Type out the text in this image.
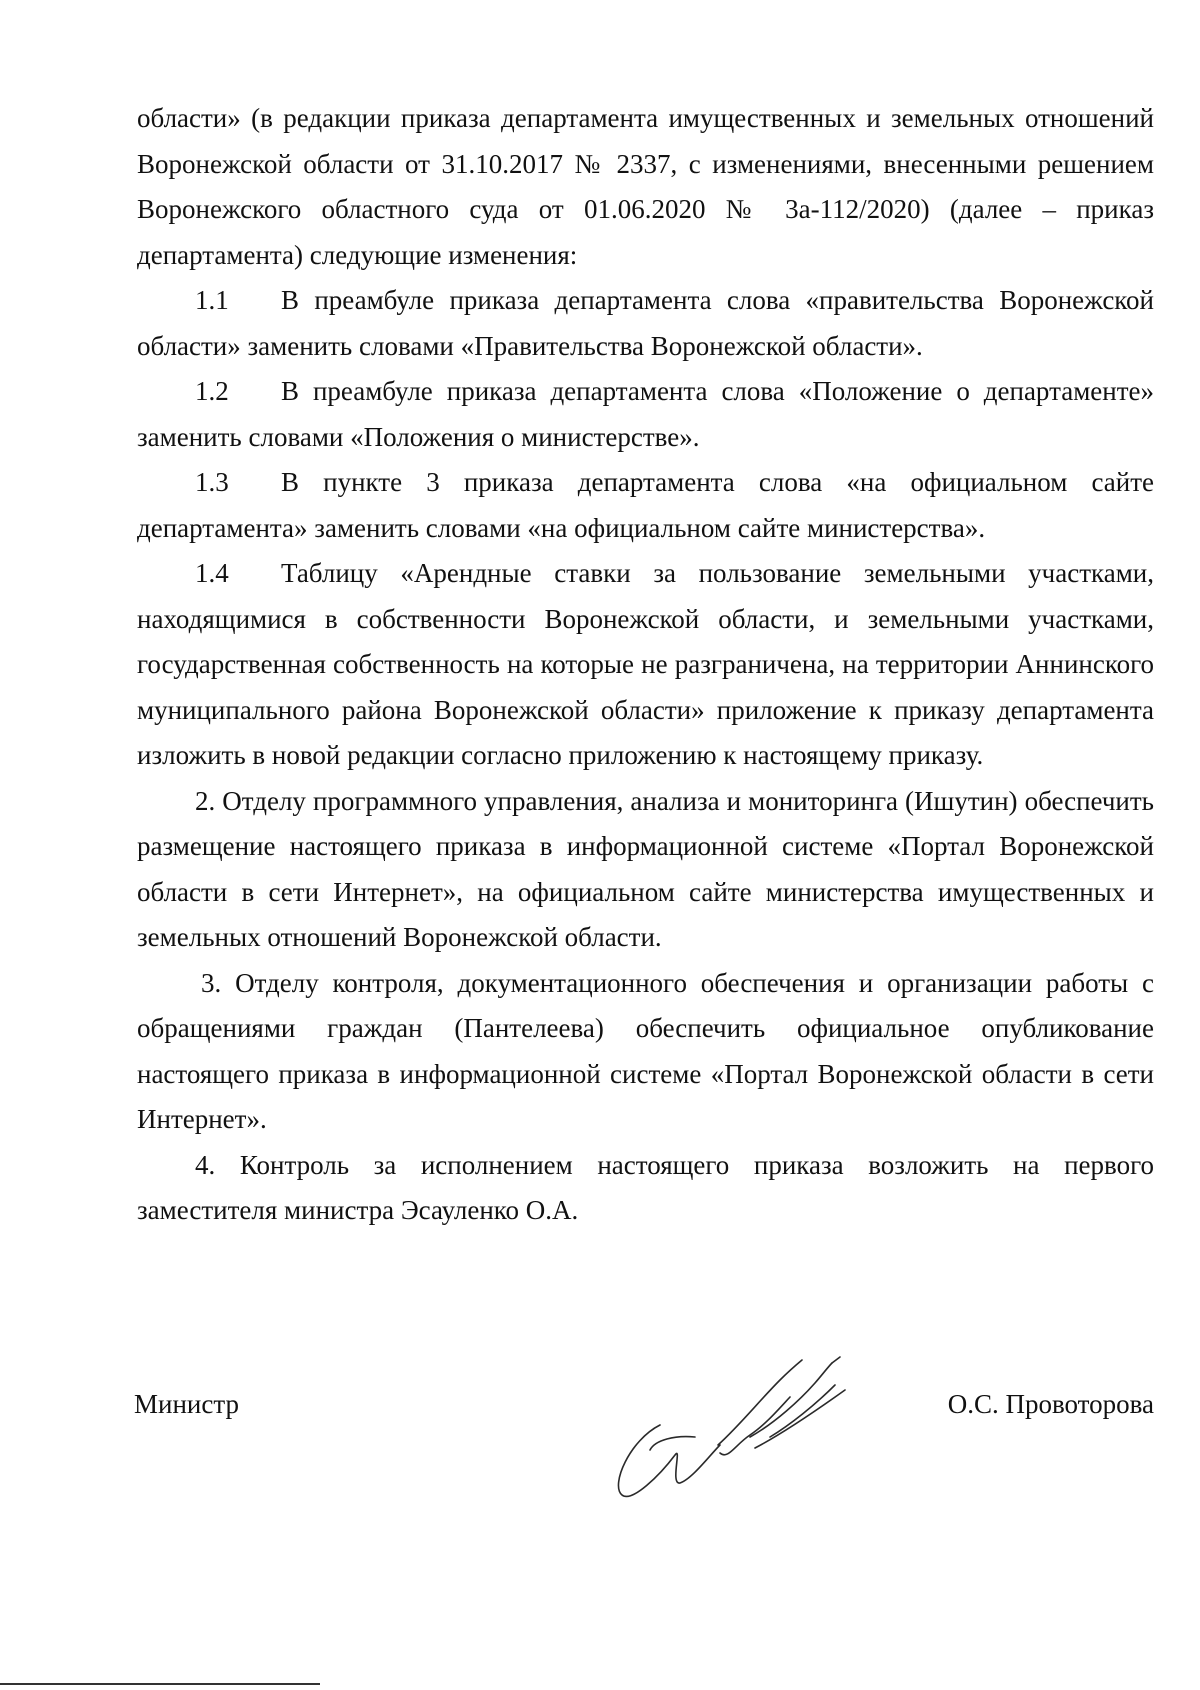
области» (в редакции приказа департамента имущественных и земельных отношений Воронежской области от 31.10.2017 № 2337, с изменениями, внесенными решением Воронежского областного суда от 01.06.2020 № 3а-112/2020) (далее – приказ департамента) следующие изменения:

1.1 В преамбуле приказа департамента слова «правительства Воронежской области» заменить словами «Правительства Воронежской области».

1.2 В преамбуле приказа департамента слова «Положение о департаменте» заменить словами «Положения о министерстве».

1.3 В пункте 3 приказа департамента слова «на официальном сайте департамента» заменить словами «на официальном сайте министерства».

1.4 Таблицу «Арендные ставки за пользование земельными участками, находящимися в собственности Воронежской области, и земельными участками, государственная собственность на которые не разграничена, на территории Аннинского муниципального района Воронежской области» приложение к приказу департамента изложить в новой редакции согласно приложению к настоящему приказу.

2. Отделу программного управления, анализа и мониторинга (Ишутин) обеспечить размещение настоящего приказа в информационной системе «Портал Воронежской области в сети Интернет», на официальном сайте министерства имущественных и земельных отношений Воронежской области.

3. Отделу контроля, документационного обеспечения и организации работы с обращениями граждан (Пантелеева) обеспечить официальное опубликование настоящего приказа в информационной системе «Портал Воронежской области в сети Интернет».

4. Контроль за исполнением настоящего приказа возложить на первого заместителя министра Эсауленко О.А.

Министр	О.С. Провоторова
